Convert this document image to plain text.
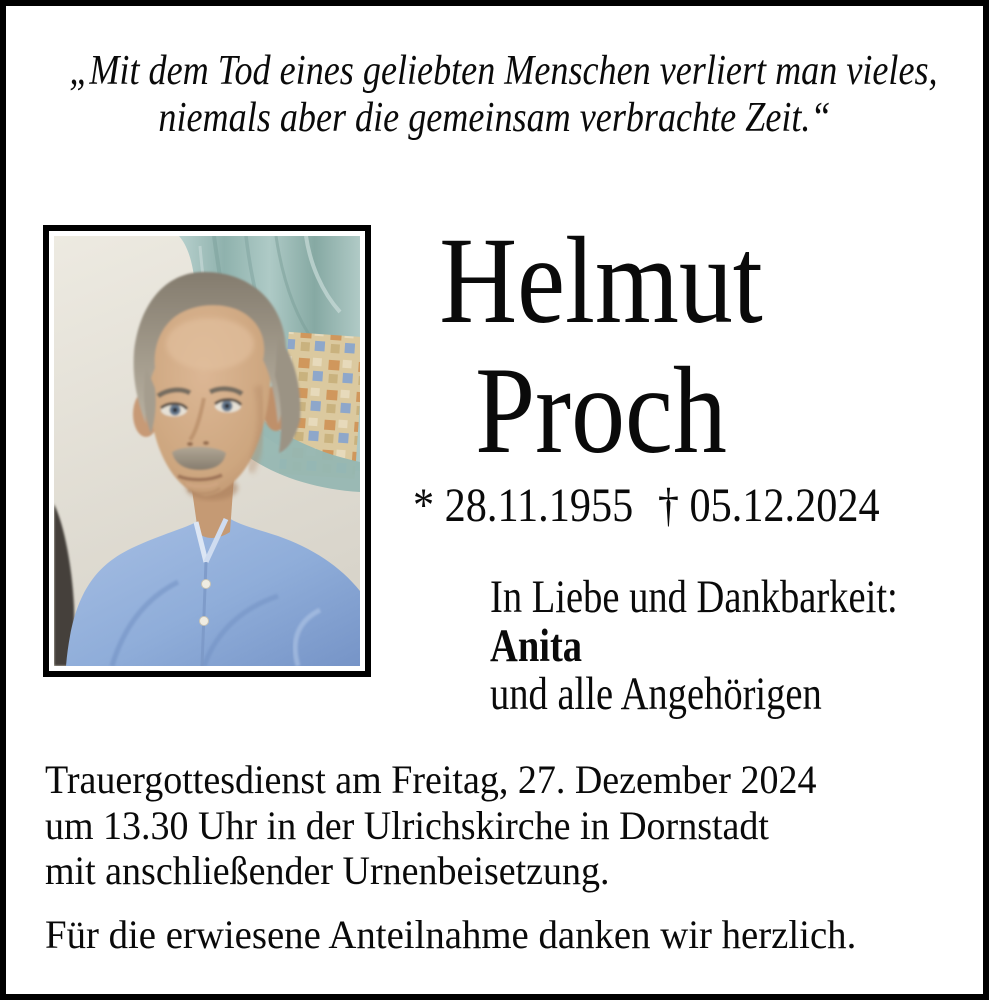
„Mit dem Tod eines geliebten Menschen verliert man vieles,
niemals aber die gemeinsam verbrachte Zeit.“
Helmut
Proch
* 28.11.1955 † 05.12.2024
In Liebe und Dankbarkeit:
Anita
und alle Angehörigen
Trauergottesdienst am Freitag, 27. Dezember 2024
um 13.30 Uhr in der Ulrichskirche in Dornstadt
mit anschließender Urnenbeisetzung.
Für die erwiesene Anteilnahme danken wir herzlich.
